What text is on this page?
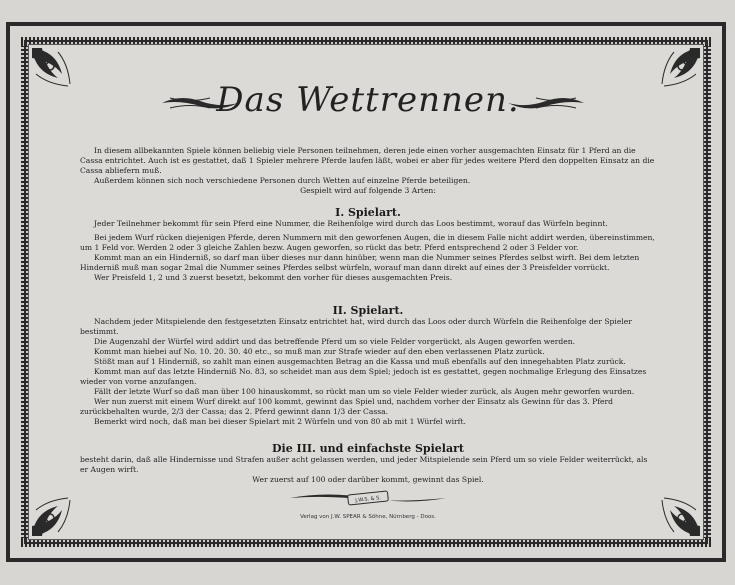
Das Wettrennen.

In diesem allbekannten Spiele können beliebig viele Personen teilnehmen, deren jede einen vorher ausgemachten Einsatz für 1 Pferd an die Cassa entrichtet. Auch ist es gestattet, daß 1 Spieler mehrere Pferde laufen läßt, wobei er aber für jedes weitere Pferd den doppelten Einsatz an die Cassa abliefern muß.

Außerdem können sich noch verschiedene Personen durch Wetten auf einzelne Pferde beteiligen.

Gespielt wird auf folgende 3 Arten:

I. Spielart.

Jeder Teilnehmer bekommt für sein Pferd eine Nummer, die Reihenfolge wird durch das Loos bestimmt, worauf das Würfeln beginnt.

Bei jedem Wurf rücken diejenigen Pferde, deren Nummern mit den geworfenen Augen, die in diesem Falle nicht addirt werden, übereinstimmen, um 1 Feld vor. Werden 2 oder 3 gleiche Zahlen bezw. Augen geworfen, so rückt das betr. Pferd entsprechend 2 oder 3 Felder vor.

Kommt man an ein Hinderniß, so darf man über dieses nur dann hinüber, wenn man die Nummer seines Pferdes selbst wirft. Bei dem letzten Hinderniß muß man sogar 2mal die Nummer seines Pferdes selbst würfeln, worauf man dann direkt auf eines der 3 Preisfelder vorrückt.

Wer Preisfeld 1, 2 und 3 zuerst besetzt, bekommt den vorher für dieses ausgemachten Preis.

II. Spielart.

Nachdem jeder Mitspielende den festgesetzten Einsatz entrichtet hat, wird durch das Loos oder durch Würfeln die Reihenfolge der Spieler bestimmt.

Die Augenzahl der Würfel wird addirt und das betreffende Pferd um so viele Felder vorgerückt, als Augen geworfen werden.

Kommt man hiebei auf No. 10. 20. 30. 40 etc., so muß man zur Strafe wieder auf den eben verlassenen Platz zurück.

Stößt man auf 1 Hinderniß, so zahlt man einen ausgemachten Betrag an die Kassa und muß ebenfalls auf den innegehabten Platz zurück.

Kommt man auf das letzte Hinderniß No. 83, so scheidet man aus dem Spiel; jedoch ist es gestattet, gegen nochmalige Erlegung des Einsatzes wieder von vorne anzufangen.

Fällt der letzte Wurf so daß man über 100 hinauskommt, so rückt man um so viele Felder wieder zurück, als Augen mehr geworfen wurden.

Wer nun zuerst mit einem Wurf direkt auf 100 kommt, gewinnt das Spiel und, nachdem vorher der Einsatz als Gewinn für das 3. Pferd zurückbehalten wurde, 2/3 der Cassa; das 2. Pferd gewinnt dann 1/3 der Cassa.

Bemerkt wird noch, daß man bei dieser Spielart mit 2 Würfeln und von 80 ab mit 1 Würfel wirft.

Die III. und einfachste Spielart

besteht darin, daß alle Hindernisse und Strafen außer acht gelassen werden, und jeder Mitspielende sein Pferd um so viele Felder weiterrückt, als er Augen wirft.

Wer zuerst auf 100 oder darüber kommt, gewinnt das Spiel.

J.W.S. & S.
Verlag von J.W. SPEAR & Söhne, Nürnberg - Doos.
